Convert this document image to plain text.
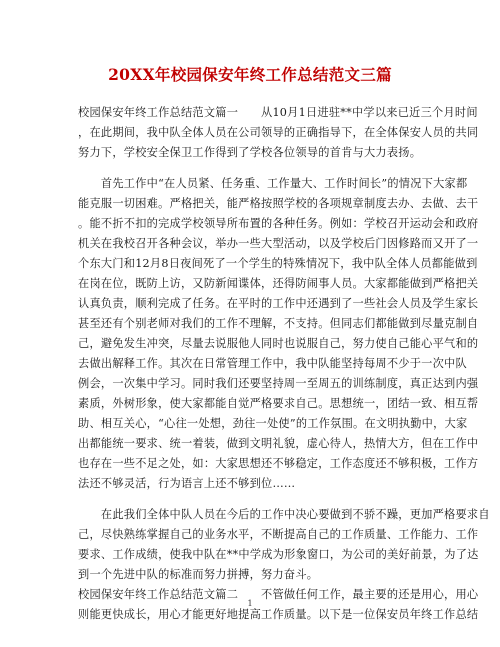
20XX年校园保安年终工作总结范文三篇
校园保安年终工作总结范文篇一　　从10月1日进驻**中学以来已近三个月时间
，在此期间，我中队全体人员在公司领导的正确指导下，在全体保安人员的共同
努力下，学校安全保卫工作得到了学校各位领导的首肯与大力表扬。
　　首先工作中“在人员紧、任务重、工作量大、工作时间长”的情况下大家都
能克服一切困难。严格把关，能严格按照学校的各项规章制度去办、去做、去干
。能不折不扣的完成学校领导所布置的各种任务。例如：学校召开运动会和政府
机关在我校召开各种会议，举办一些大型活动，以及学校后门因修路而又开了一
个东大门和12月8日夜间死了一个学生的特殊情况下，我中队全体人员都能做到
在岗在位，既防上访，又防新闻谍体，还得防闹事人员。大家都能做到严格把关
认真负责，顺利完成了任务。在平时的工作中还遇到了一些社会人员及学生家长
甚至还有个别老师对我们的工作不理解，不支持。但同志们都能做到尽量克制自
己，避免发生冲突，尽量去说服他人同时也说服自己，努力使自己能心平气和的
去做出解释工作。其次在日常管理工作中，我中队能坚持每周不少于一次中队
例会，一次集中学习。同时我们还要坚持周一至周五的训练制度，真正达到内强
素质，外树形象，使大家都能自觉严格要求自己。思想统一，团结一致、相互帮
助、相互关心，“心往一处想，劲往一处使”的工作氛围。在文明执勤中，大家
出都能统一要求、统一着装，做到文明礼貌，虚心待人，热情大方，但在工作中
也存在一些不足之处，如：大家思想还不够稳定，工作态度还不够积极，工作方
法还不够灵活，行为语言上还不够到位……
　　在此我们全体中队人员在今后的工作中决心要做到不骄不躁，更加严格要求自
己，尽快熟练掌握自己的业务水平，不断提高自己的工作质量、工作能力、工作
要求、工作成绩，使我中队在**中学成为形象窗口，为公司的美好前景，为了达
到一个先进中队的标准而努力拼搏，努力奋斗。
校园保安年终工作总结范文篇二　　不管做任何工作，最主要的还是用心，用心
则能更快成长，用心才能更好地提高工作质量。以下是一位保安员年终工作总结
1
